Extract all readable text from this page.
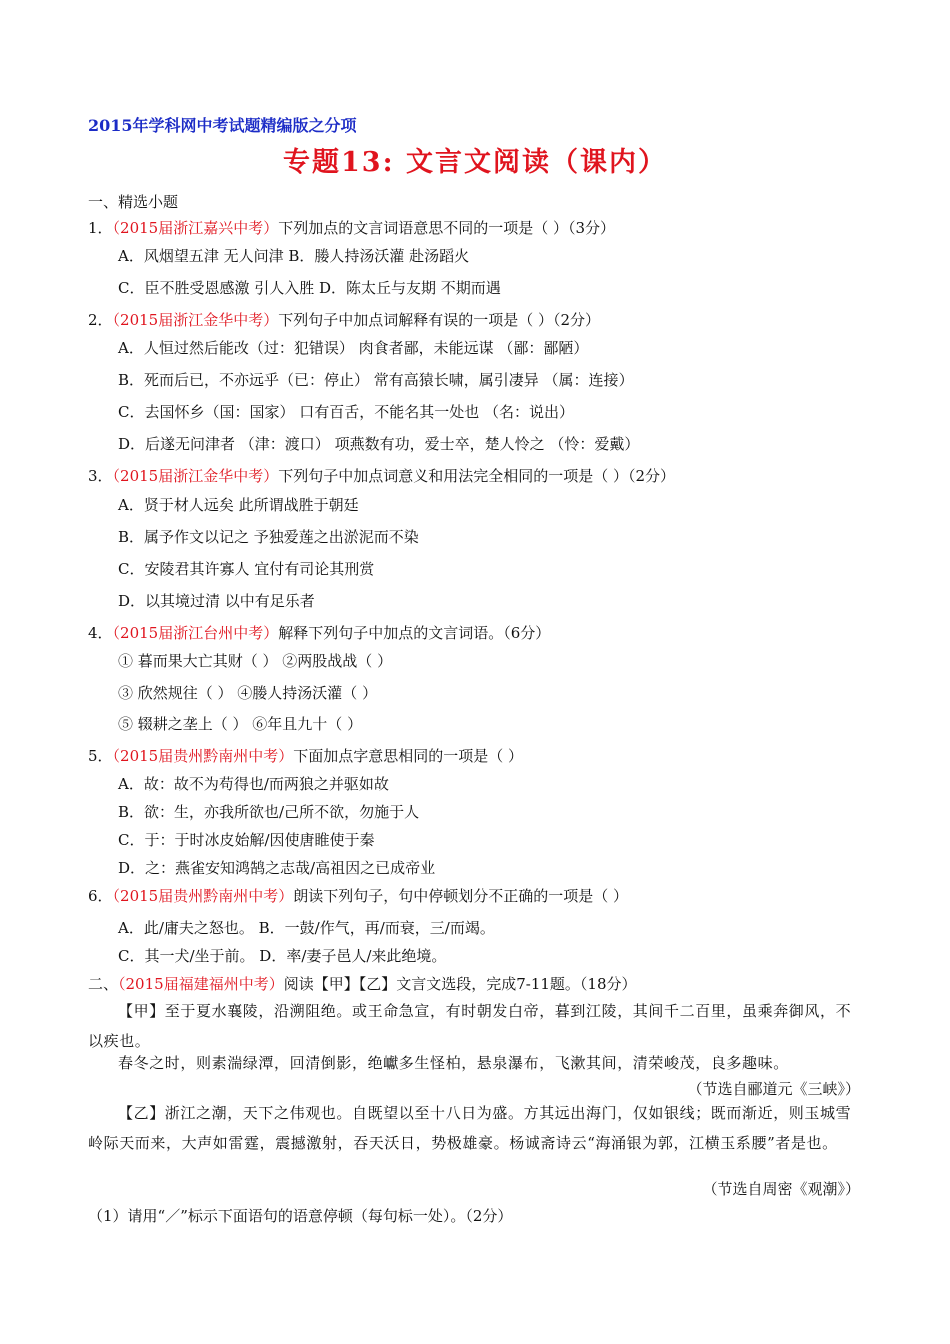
2015年学科网中考试题精编版之分项
专题13: 文言文阅读（课内）
一、精选小题
1．（2015届浙江嘉兴中考）下列加点的文言词语意思不同的一项是（ ）（3分）
A．风烟望五津 无人问津 B．媵人持汤沃灌 赴汤蹈火
C．臣不胜受恩感激 引人入胜 D．陈太丘与友期 不期而遇
2．（2015届浙江金华中考）下列句子中加点词解释有误的一项是（ ）（2分）
A．人恒过然后能改（过：犯错误） 肉食者鄙，未能远谋 （鄙：鄙陋）
B．死而后已，不亦远乎（已：停止） 常有高猿长啸，属引凄异 （属：连接）
C．去国怀乡（国：国家） 口有百舌，不能名其一处也 （名：说出）
D．后遂无问津者 （津：渡口） 项燕数有功，爱士卒，楚人怜之 （怜：爱戴）
3．（2015届浙江金华中考）下列句子中加点词意义和用法完全相同的一项是（ ）（2分）
A．贤于材人远矣 此所谓战胜于朝廷
B．属予作文以记之 予独爱莲之出淤泥而不染
C．安陵君其许寡人 宜付有司论其刑赏
D．以其境过清 以中有足乐者
4．（2015届浙江台州中考）解释下列句子中加点的文言词语。（6分）
① 暮而果大亡其财（ ） ②两股战战（ ）
③ 欣然规往（ ） ④媵人持汤沃灌（ ）
⑤ 辍耕之垄上（ ） ⑥年且九十（ ）
5．（2015届贵州黔南州中考）下面加点字意思相同的一项是（ ）
A．故：故不为苟得也/而两狼之并驱如故
B．欲：生，亦我所欲也/己所不欲，勿施于人
C．于：于时冰皮始解/因使唐睢使于秦
D．之：燕雀安知鸿鹄之志哉/高祖因之已成帝业
6．（2015届贵州黔南州中考）朗读下列句子，句中停顿划分不正确的一项是（ ）
A．此/庸夫之怒也。 B．一鼓/作气，再/而衰，三/而竭。
C．其一犬/坐于前。 D．率/妻子邑人/来此绝境。
二、（2015届福建福州中考）阅读【甲】【乙】文言文选段，完成7-11题。（18分）
【甲】至于夏水襄陵，沿溯阻绝。或王命急宣，有时朝发白帝，暮到江陵，其间千二百里，虽乘奔御风，不以疾也。
春冬之时，则素湍绿潭，回清倒影，绝巘多生怪柏，悬泉瀑布，飞漱其间，清荣峻茂，良多趣味。
（节选自郦道元《三峡》）
【乙】浙江之潮，天下之伟观也。自既望以至十八日为盛。方其远出海门，仅如银线；既而渐近，则玉城雪岭际天而来，大声如雷霆，震撼激射，吞天沃日，势极雄豪。杨诚斋诗云“海涌银为郭，江横玉系腰”者是也。
（节选自周密《观潮》）
（1）请用“／”标示下面语句的语意停顿（每句标一处）。（2分）
